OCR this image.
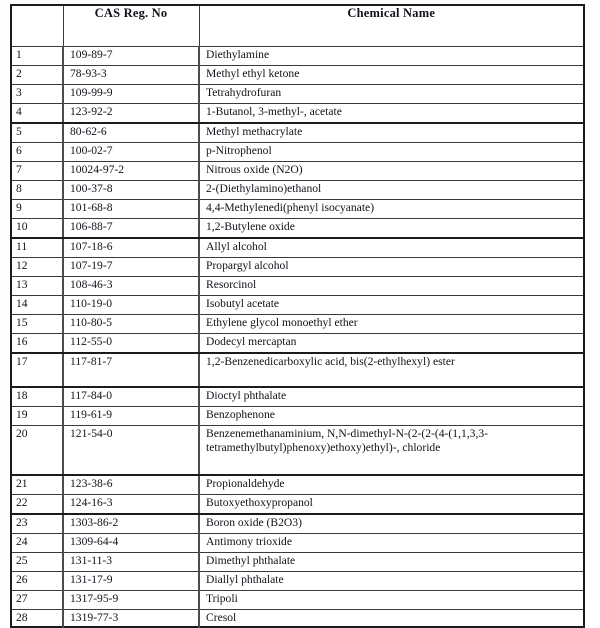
	CAS Reg. No	Chemical Name
1	109-89-7	Diethylamine
2	78-93-3	Methyl ethyl ketone
3	109-99-9	Tetrahydrofuran
4	123-92-2	1-Butanol, 3-methyl-, acetate
5	80-62-6	Methyl methacrylate
6	100-02-7	p-Nitrophenol
7	10024-97-2	Nitrous oxide (N2O)
8	100-37-8	2-(Diethylamino)ethanol
9	101-68-8	4,4-Methylenedi(phenyl isocyanate)
10	106-88-7	1,2-Butylene oxide
11	107-18-6	Allyl alcohol
12	107-19-7	Propargyl alcohol
13	108-46-3	Resorcinol
14	110-19-0	Isobutyl acetate
15	110-80-5	Ethylene glycol monoethyl ether
16	112-55-0	Dodecyl mercaptan
17	117-81-7	1,2-Benzenedicarboxylic acid, bis(2-ethylhexyl) ester
18	117-84-0	Dioctyl phthalate
19	119-61-9	Benzophenone
20	121-54-0	Benzenemethanaminium, N,N-dimethyl-N-(2-(2-(4-(1,1,3,3-tetramethylbutyl)phenoxy)ethoxy)ethyl)-, chloride
21	123-38-6	Propionaldehyde
22	124-16-3	Butoxyethoxypropanol
23	1303-86-2	Boron oxide (B2O3)
24	1309-64-4	Antimony trioxide
25	131-11-3	Dimethyl phthalate
26	131-17-9	Diallyl phthalate
27	1317-95-9	Tripoli
28	1319-77-3	Cresol
